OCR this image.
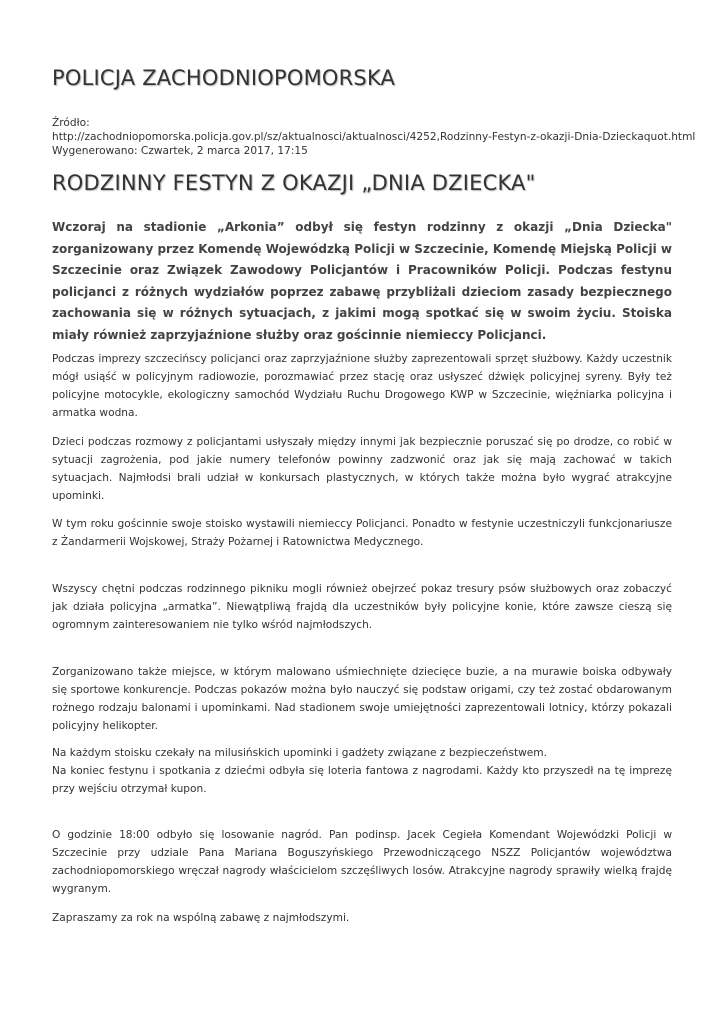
POLICJA ZACHODNIOPOMORSKA
Źródło:
http://zachodniopomorska.policja.gov.pl/sz/aktualnosci/aktualnosci/4252,Rodzinny-Festyn-z-okazji-Dnia-Dzieckaquot.html
Wygenerowano: Czwartek, 2 marca 2017, 17:15
RODZINNY FESTYN Z OKAZJI „DNIA DZIECKA"

Wczoraj na stadionie „Arkonia” odbył się festyn rodzinny z okazji „Dnia Dziecka" zorganizowany przez Komendę Wojewódzką Policji w Szczecinie, Komendę Miejską Policji w Szczecinie oraz Związek Zawodowy Policjantów i Pracowników Policji. Podczas festynu policjanci z różnych wydziałów poprzez zabawę przybliżali dzieciom zasady bezpiecznego zachowania się w różnych sytuacjach, z jakimi mogą spotkać się w swoim życiu. Stoiska miały również zaprzyjaźnione służby oraz gościnnie niemieccy Policjanci.

Podczas imprezy szczecińscy policjanci oraz zaprzyjaźnione służby zaprezentowali sprzęt służbowy. Każdy uczestnik mógł usiąść w policyjnym radiowozie, porozmawiać przez stację oraz usłyszeć dźwięk policyjnej syreny. Były też policyjne motocykle, ekologiczny samochód Wydziału Ruchu Drogowego KWP w Szczecinie, więźniarka policyjna i armatka wodna.

Dzieci podczas rozmowy z policjantami usłyszały między innymi jak bezpiecznie poruszać się po drodze, co robić w sytuacji zagrożenia, pod jakie numery telefonów powinny zadzwonić oraz jak się mają zachować w takich sytuacjach. Najmłodsi brali udział w konkursach plastycznych, w których także można było wygrać atrakcyjne upominki.

W tym roku gościnnie swoje stoisko wystawili niemieccy Policjanci. Ponadto w festynie uczestniczyli funkcjonariusze z Żandarmerii Wojskowej, Straży Pożarnej i Ratownictwa Medycznego.

Wszyscy chętni podczas rodzinnego pikniku mogli również obejrzeć pokaz tresury psów służbowych oraz zobaczyć jak działa policyjna „armatka”. Niewątpliwą frajdą dla uczestników były policyjne konie, które zawsze cieszą się ogromnym zainteresowaniem nie tylko wśród najmłodszych.

Zorganizowano także miejsce, w którym malowano uśmiechnięte dziecięce buzie, a na murawie boiska odbywały się sportowe konkurencje. Podczas pokazów można było nauczyć się podstaw origami, czy też zostać obdarowanym rożnego rodzaju balonami i upominkami. Nad stadionem swoje umiejętności zaprezentowali lotnicy, którzy pokazali policyjny helikopter.

Na każdym stoisku czekały na milusińskich upominki i gadżety związane z bezpieczeństwem.

Na koniec festynu i spotkania z dziećmi odbyła się loteria fantowa z nagrodami. Każdy kto przyszedł na tę imprezę przy wejściu otrzymał kupon.

O godzinie 18:00 odbyło się losowanie nagród. Pan podinsp. Jacek Cegieła Komendant Wojewódzki Policji w Szczecinie przy udziale Pana Mariana Boguszyńskiego Przewodniczącego NSZZ Policjantów województwa zachodniopomorskiego wręczał nagrody właścicielom szczęśliwych losów. Atrakcyjne nagrody sprawiły wielką frajdę wygranym.

Zapraszamy za rok na wspólną zabawę z najmłodszymi.
